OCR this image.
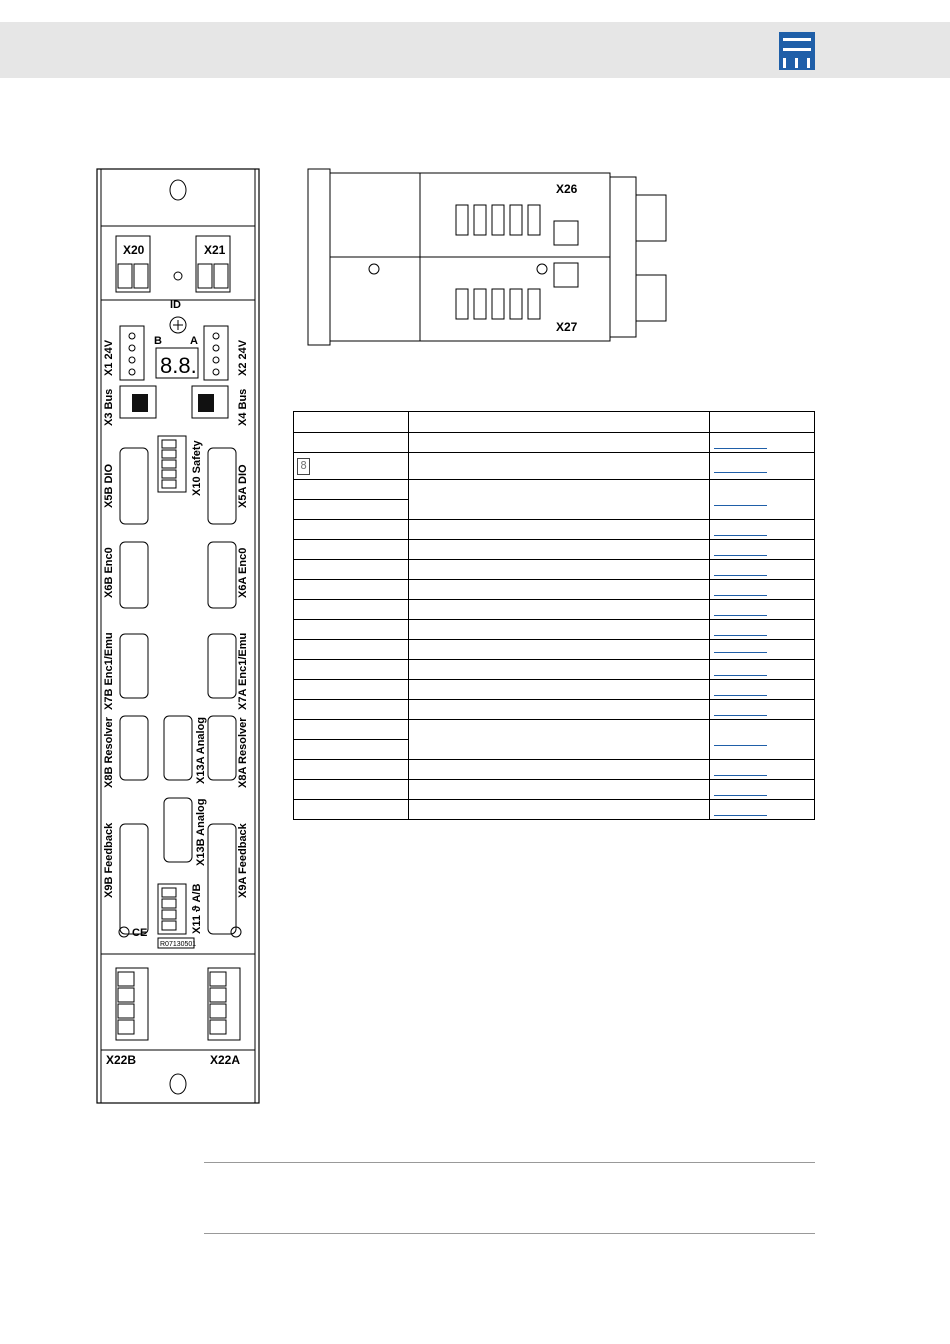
X20	X21
ID
B	A
8.8.
X1 24V
X3 Bus
X5B DIO
X6B Enc0
X7B Enc1/Emu
X8B Resolver
X9B Feedback
X2 24V
X4 Bus
X5A DIO
X6A Enc0
X7A Enc1/Emu
X8A Resolver
X9A Feedback
X10 Safety
X13A Analog
X13B Analog
X11 ϑ A/B
CE
R07130501
X22B	X22A
X26
X27

8		
